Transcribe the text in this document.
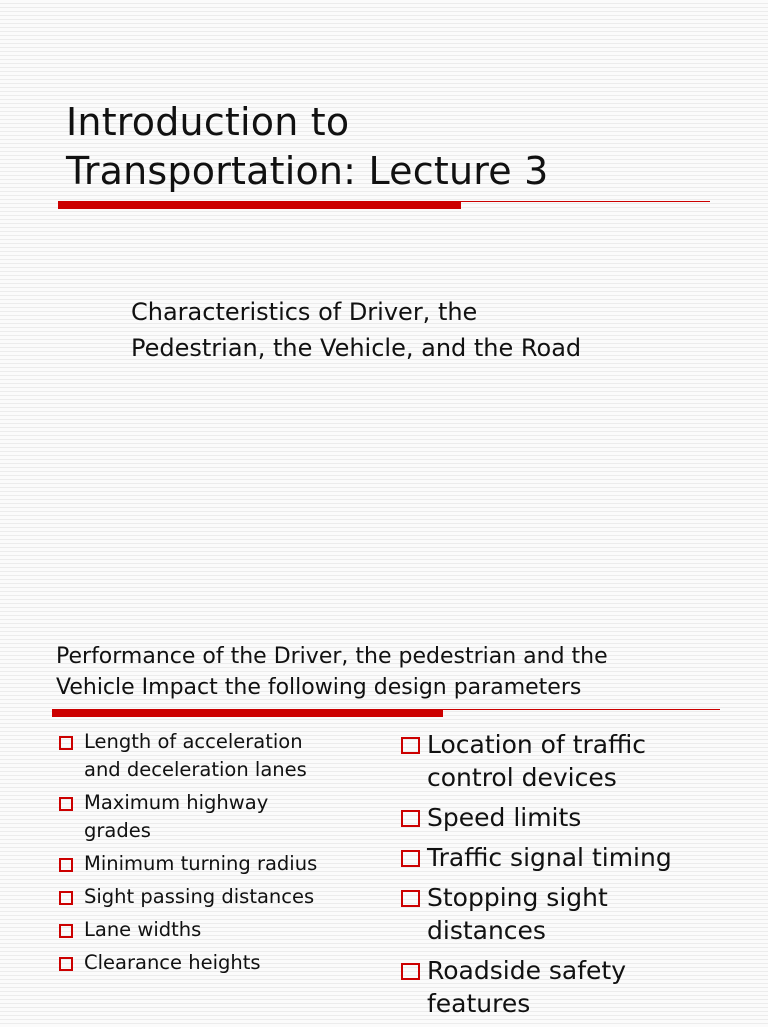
Introduction to
Transportation: Lecture 3

Characteristics of Driver, the
Pedestrian, the Vehicle, and the Road

Performance of the Driver, the pedestrian and the
Vehicle Impact the following design parameters
Length of acceleration
and deceleration lanes
Maximum highway
grades
Minimum turning radius
Sight passing distances
Lane widths
Clearance heights
Location of traffic
control devices
Speed limits
Traffic signal timing
Stopping sight
distances
Roadside safety
features
